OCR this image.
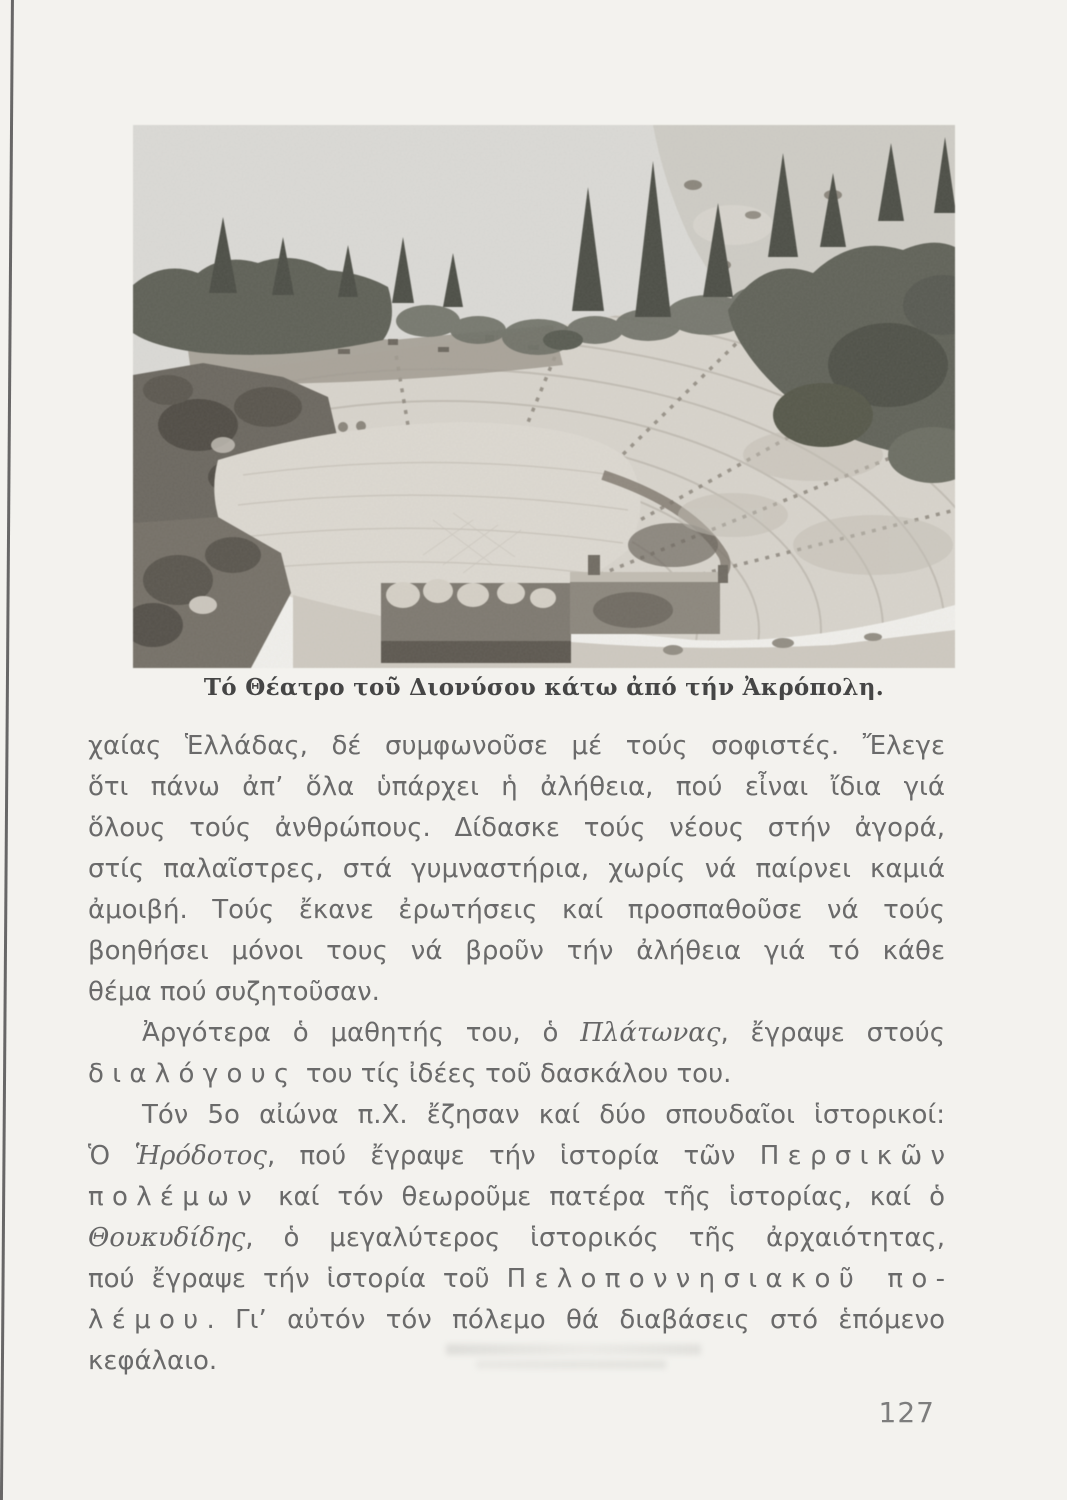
Τό Θέατρο τοῦ Διονύσου κάτω ἀπό τήν Ἀκρόπολη.
χαίας Ἑλλάδας, δέ συμφωνοῦσε μέ τούς σοφιστές. Ἔλεγε
ὅτι πάνω ἀπ’ ὅλα ὑπάρχει ἡ ἀλήθεια, πού εἶναι ἴδια γιά
ὅλους τούς ἀνθρώπους. Δίδασκε τούς νέους στήν ἀγορά,
στίς παλαῖστρες, στά γυμναστήρια, χωρίς νά παίρνει καμιά
ἀμοιβή. Τούς ἔκανε ἐρωτήσεις καί προσπαθοῦσε νά τούς
βοηθήσει μόνοι τους νά βροῦν τήν ἀλήθεια γιά τό κάθε
θέμα πού συζητοῦσαν.
Ἀργότερα ὁ μαθητής του, ὁ Πλάτωνας, ἔγραψε στούς
διαλόγους του τίς ἰδέες τοῦ δασκάλου του.
Τόν 5ο αἰώνα π.Χ. ἔζησαν καί δύο σπουδαῖοι ἱστορικοί:
Ὁ Ἡρόδοτος, πού ἔγραψε τήν ἱστορία τῶν Περσικῶν
πολέμων καί τόν θεωροῦμε πατέρα τῆς ἱστορίας, καί ὁ
Θουκυδίδης, ὁ μεγαλύτερος ἱστορικός τῆς ἀρχαιότητας,
πού ἔγραψε τήν ἱστορία τοῦ Πελοποννησιακοῦ πο-
λέμου. Γι’ αὐτόν τόν πόλεμο θά διαβάσεις στό ἑπόμενο
κεφάλαιο.
127
